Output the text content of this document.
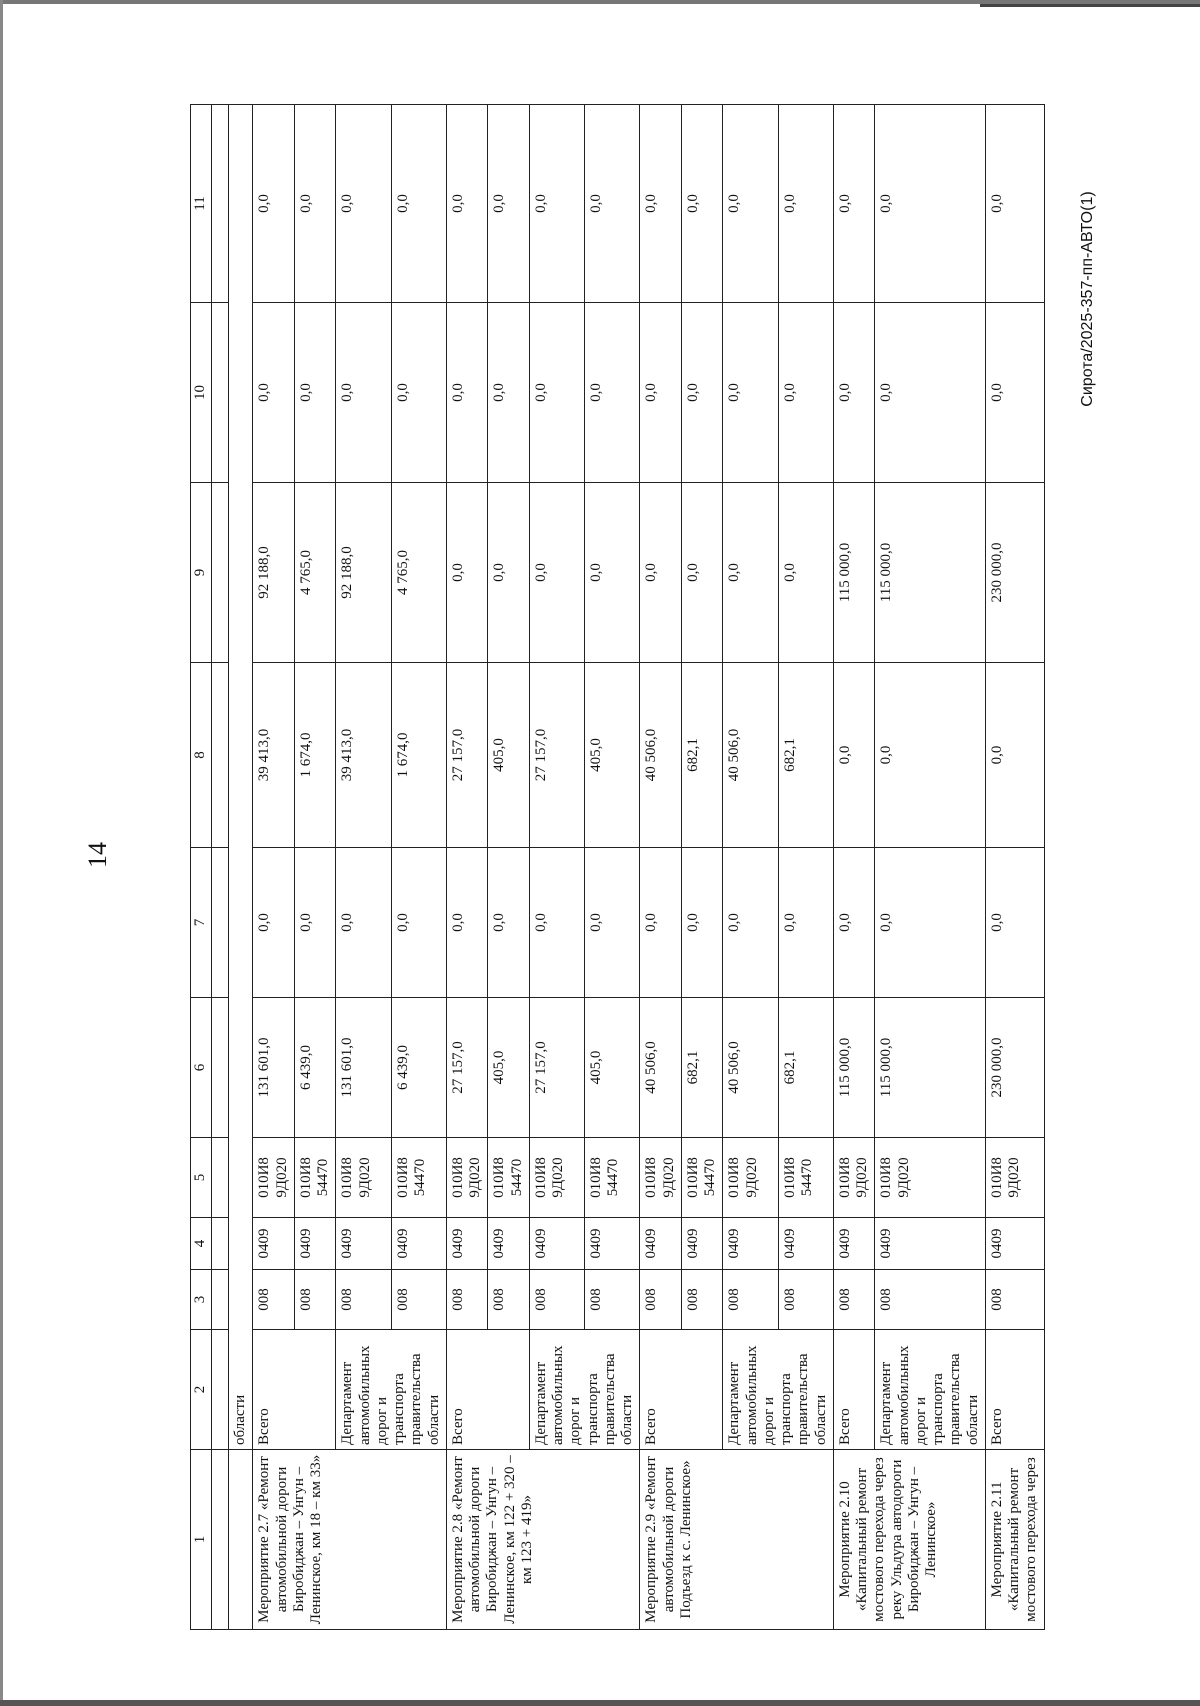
14
1	2	3	4	5	6	7	8	9	10	11

	области									
Мероприятие 2.7 «Ремонт автомобильной дороги Биробиджан – Унгун – Ленинское, км 18 – км 33»	Всего	008	0409	010И8 9Д020	131 601,0	0,0	39 413,0	92 188,0	0,0	0,0
		008	0409	010И8 54470	6 439,0	0,0	1 674,0	4 765,0	0,0	0,0
	Департамент автомобильных дорог и транспорта правительства области	008	0409	010И8 9Д020	131 601,0	0,0	39 413,0	92 188,0	0,0	0,0
		008	0409	010И8 54470	6 439,0	0,0	1 674,0	4 765,0	0,0	0,0
Мероприятие 2.8 «Ремонт автомобильной дороги Биробиджан – Унгун – Ленинское, км 122 + 320 – км 123 + 419»	Всего	008	0409	010И8 9Д020	27 157,0	0,0	27 157,0	0,0	0,0	0,0
		008	0409	010И8 54470	405,0	0,0	405,0	0,0	0,0	0,0
	Департамент автомобильных дорог и транспорта правительства области	008	0409	010И8 9Д020	27 157,0	0,0	27 157,0	0,0	0,0	0,0
		008	0409	010И8 54470	405,0	0,0	405,0	0,0	0,0	0,0
Мероприятие 2.9 «Ремонт автомобильной дороги Подъезд к с. Ленинское»	Всего	008	0409	010И8 9Д020	40 506,0	0,0	40 506,0	0,0	0,0	0,0
		008	0409	010И8 54470	682,1	0,0	682,1	0,0	0,0	0,0
	Департамент автомобильных дорог и транспорта правительства области	008	0409	010И8 9Д020	40 506,0	0,0	40 506,0	0,0	0,0	0,0
		008	0409	010И8 54470	682,1	0,0	682,1	0,0	0,0	0,0
Мероприятие 2.10 «Капитальный ремонт мостового перехода через реку Ульдура автодороги Биробиджан – Унгун – Ленинское»	Всего	008	0409	010И8 9Д020	115 000,0	0,0	0,0	115 000,0	0,0	0,0
	Департамент автомобильных дорог и транспорта правительства области	008	0409	010И8 9Д020	115 000,0	0,0	0,0	115 000,0	0,0	0,0
Мероприятие 2.11 «Капитальный ремонт мостового перехода через	Всего	008	0409	010И8 9Д020	230 000,0	0,0	0,0	230 000,0	0,0	0,0	Сирота/2025-357-пп-АВТО(1)
